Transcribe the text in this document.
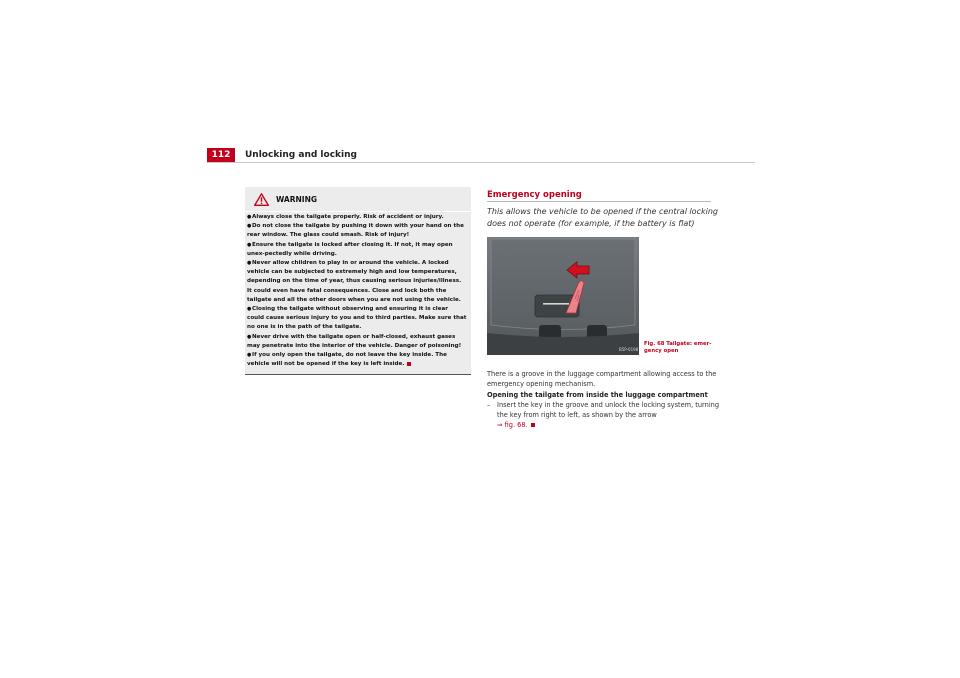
112	Unlocking and locking
WARNING
●Always close the tailgate properly. Risk of accident or injury.
●Do not close the tailgate by pushing it down with your hand on the rear window. The glass could smash. Risk of injury!
●Ensure the tailgate is locked after closing it. If not, it may open unex-pectedly while driving.
●Never allow children to play in or around the vehicle. A locked vehicle can be subjected to extremely high and low temperatures, depending on the time of year, thus causing serious injuries/illness. It could even have fatal consequences. Close and lock both the tailgate and all the other doors when you are not using the vehicle.
●Closing the tailgate without observing and ensuring it is clear could cause serious injury to you and to third parties. Make sure that no one is in the path of the tailgate.
●Never drive with the tailgate open or half-closed, exhaust gases may penetrate into the interior of the vehicle. Danger of poisoning!
●If you only open the tailgate, do not leave the key inside. The vehicle will not be opened if the key is left inside.
Emergency opening
This allows the vehicle to be opened if the central locking does not operate (for example, if the battery is flat)
B5P-0198
Fig. 68 Tailgate: emer-gency open

There is a groove in the luggage compartment allowing access to the emergency opening mechanism.

Opening the tailgate from inside the luggage compartment

–	Insert the key in the groove and unlock the locking system, turning the key from right to left, as shown by the arrow
⇒ fig. 68.
